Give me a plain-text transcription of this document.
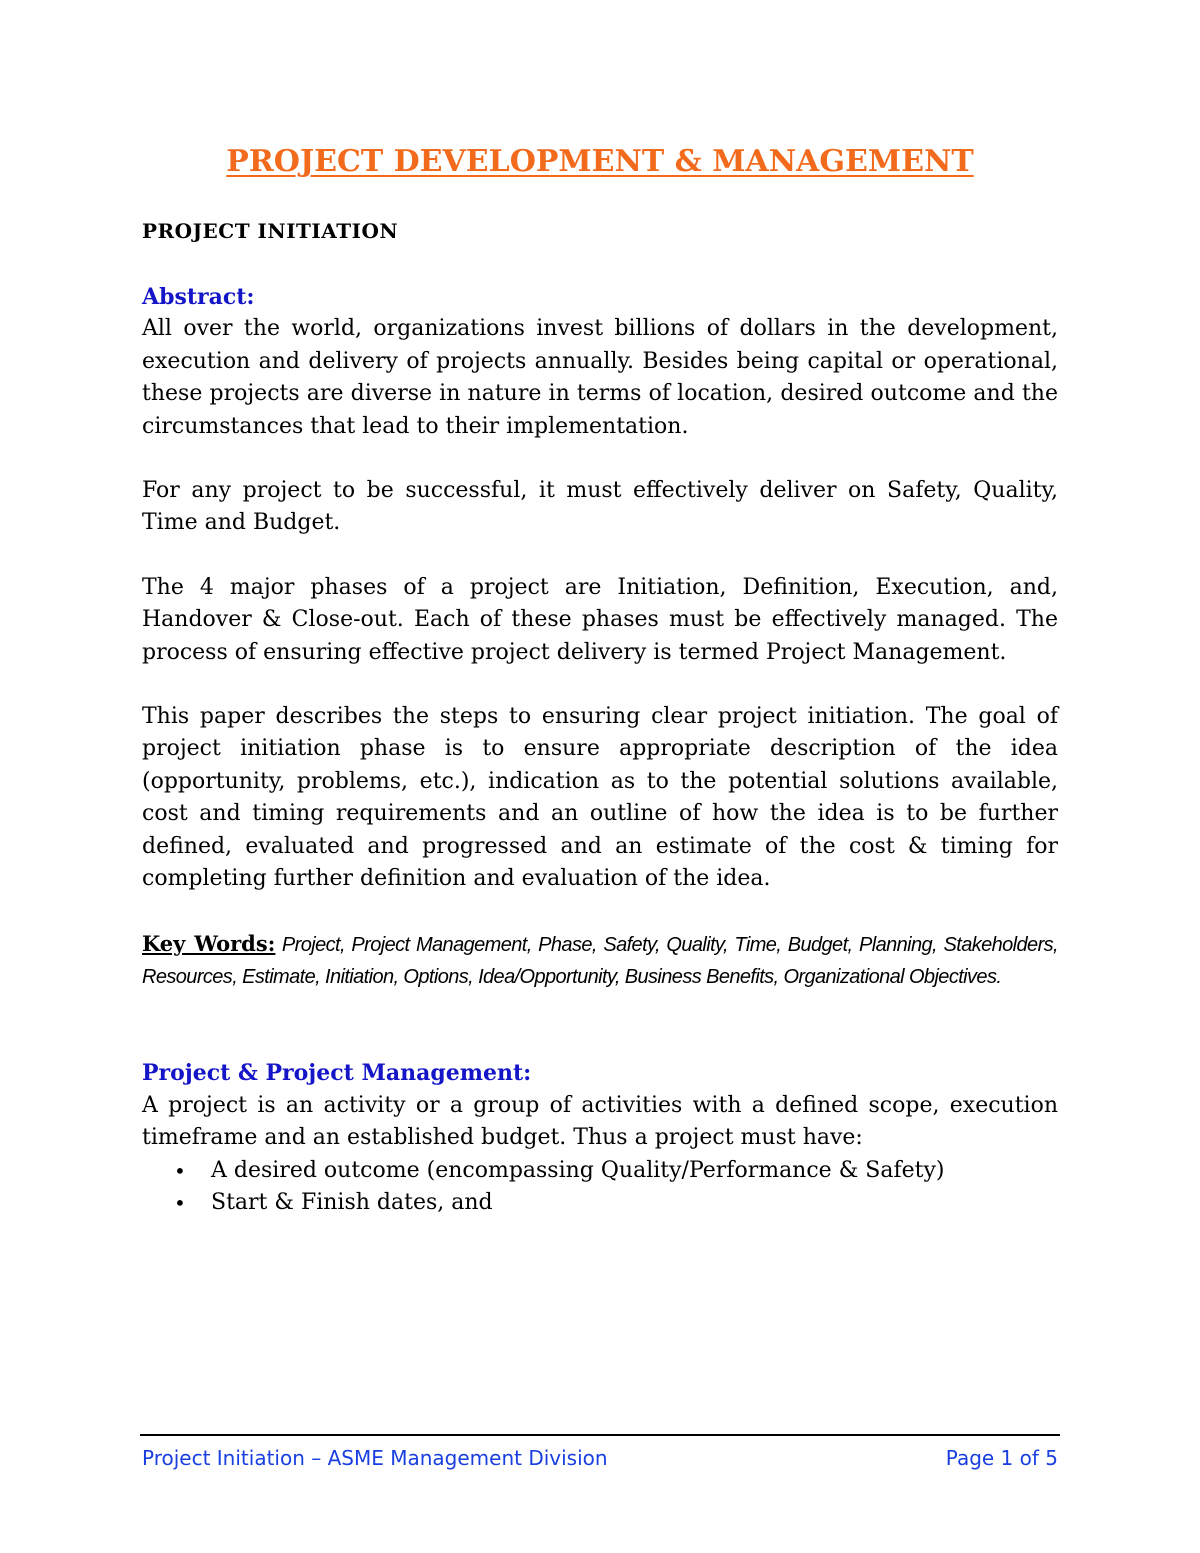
PROJECT DEVELOPMENT & MANAGEMENT
PROJECT INITIATION
Abstract:

All over the world, organizations invest billions of dollars in the development, execution and delivery of projects annually. Besides being capital or operational, these projects are diverse in nature in terms of location, desired outcome and the circumstances that lead to their implementation.

For any project to be successful, it must effectively deliver on Safety, Quality, Time and Budget.

The 4 major phases of a project are Initiation, Definition, Execution, and, Handover & Close-out. Each of these phases must be effectively managed. The process of ensuring effective project delivery is termed Project Management.

This paper describes the steps to ensuring clear project initiation. The goal of project initiation phase is to ensure appropriate description of the idea (opportunity, problems, etc.), indication as to the potential solutions available, cost and timing requirements and an outline of how the idea is to be further defined, evaluated and progressed and an estimate of the cost & timing for completing further definition and evaluation of the idea.

Key Words: Project, Project Management, Phase, Safety, Quality, Time, Budget, Planning, Stakeholders, Resources, Estimate, Initiation, Options, Idea/Opportunity, Business Benefits, Organizational Objectives.

Project & Project Management:

A project is an activity or a group of activities with a defined scope, execution timeframe and an established budget. Thus a project must have:

• A desired outcome (encompassing Quality/Performance & Safety)
• Start & Finish dates, and
Project Initiation – ASME Management Division	Page 1 of 5
